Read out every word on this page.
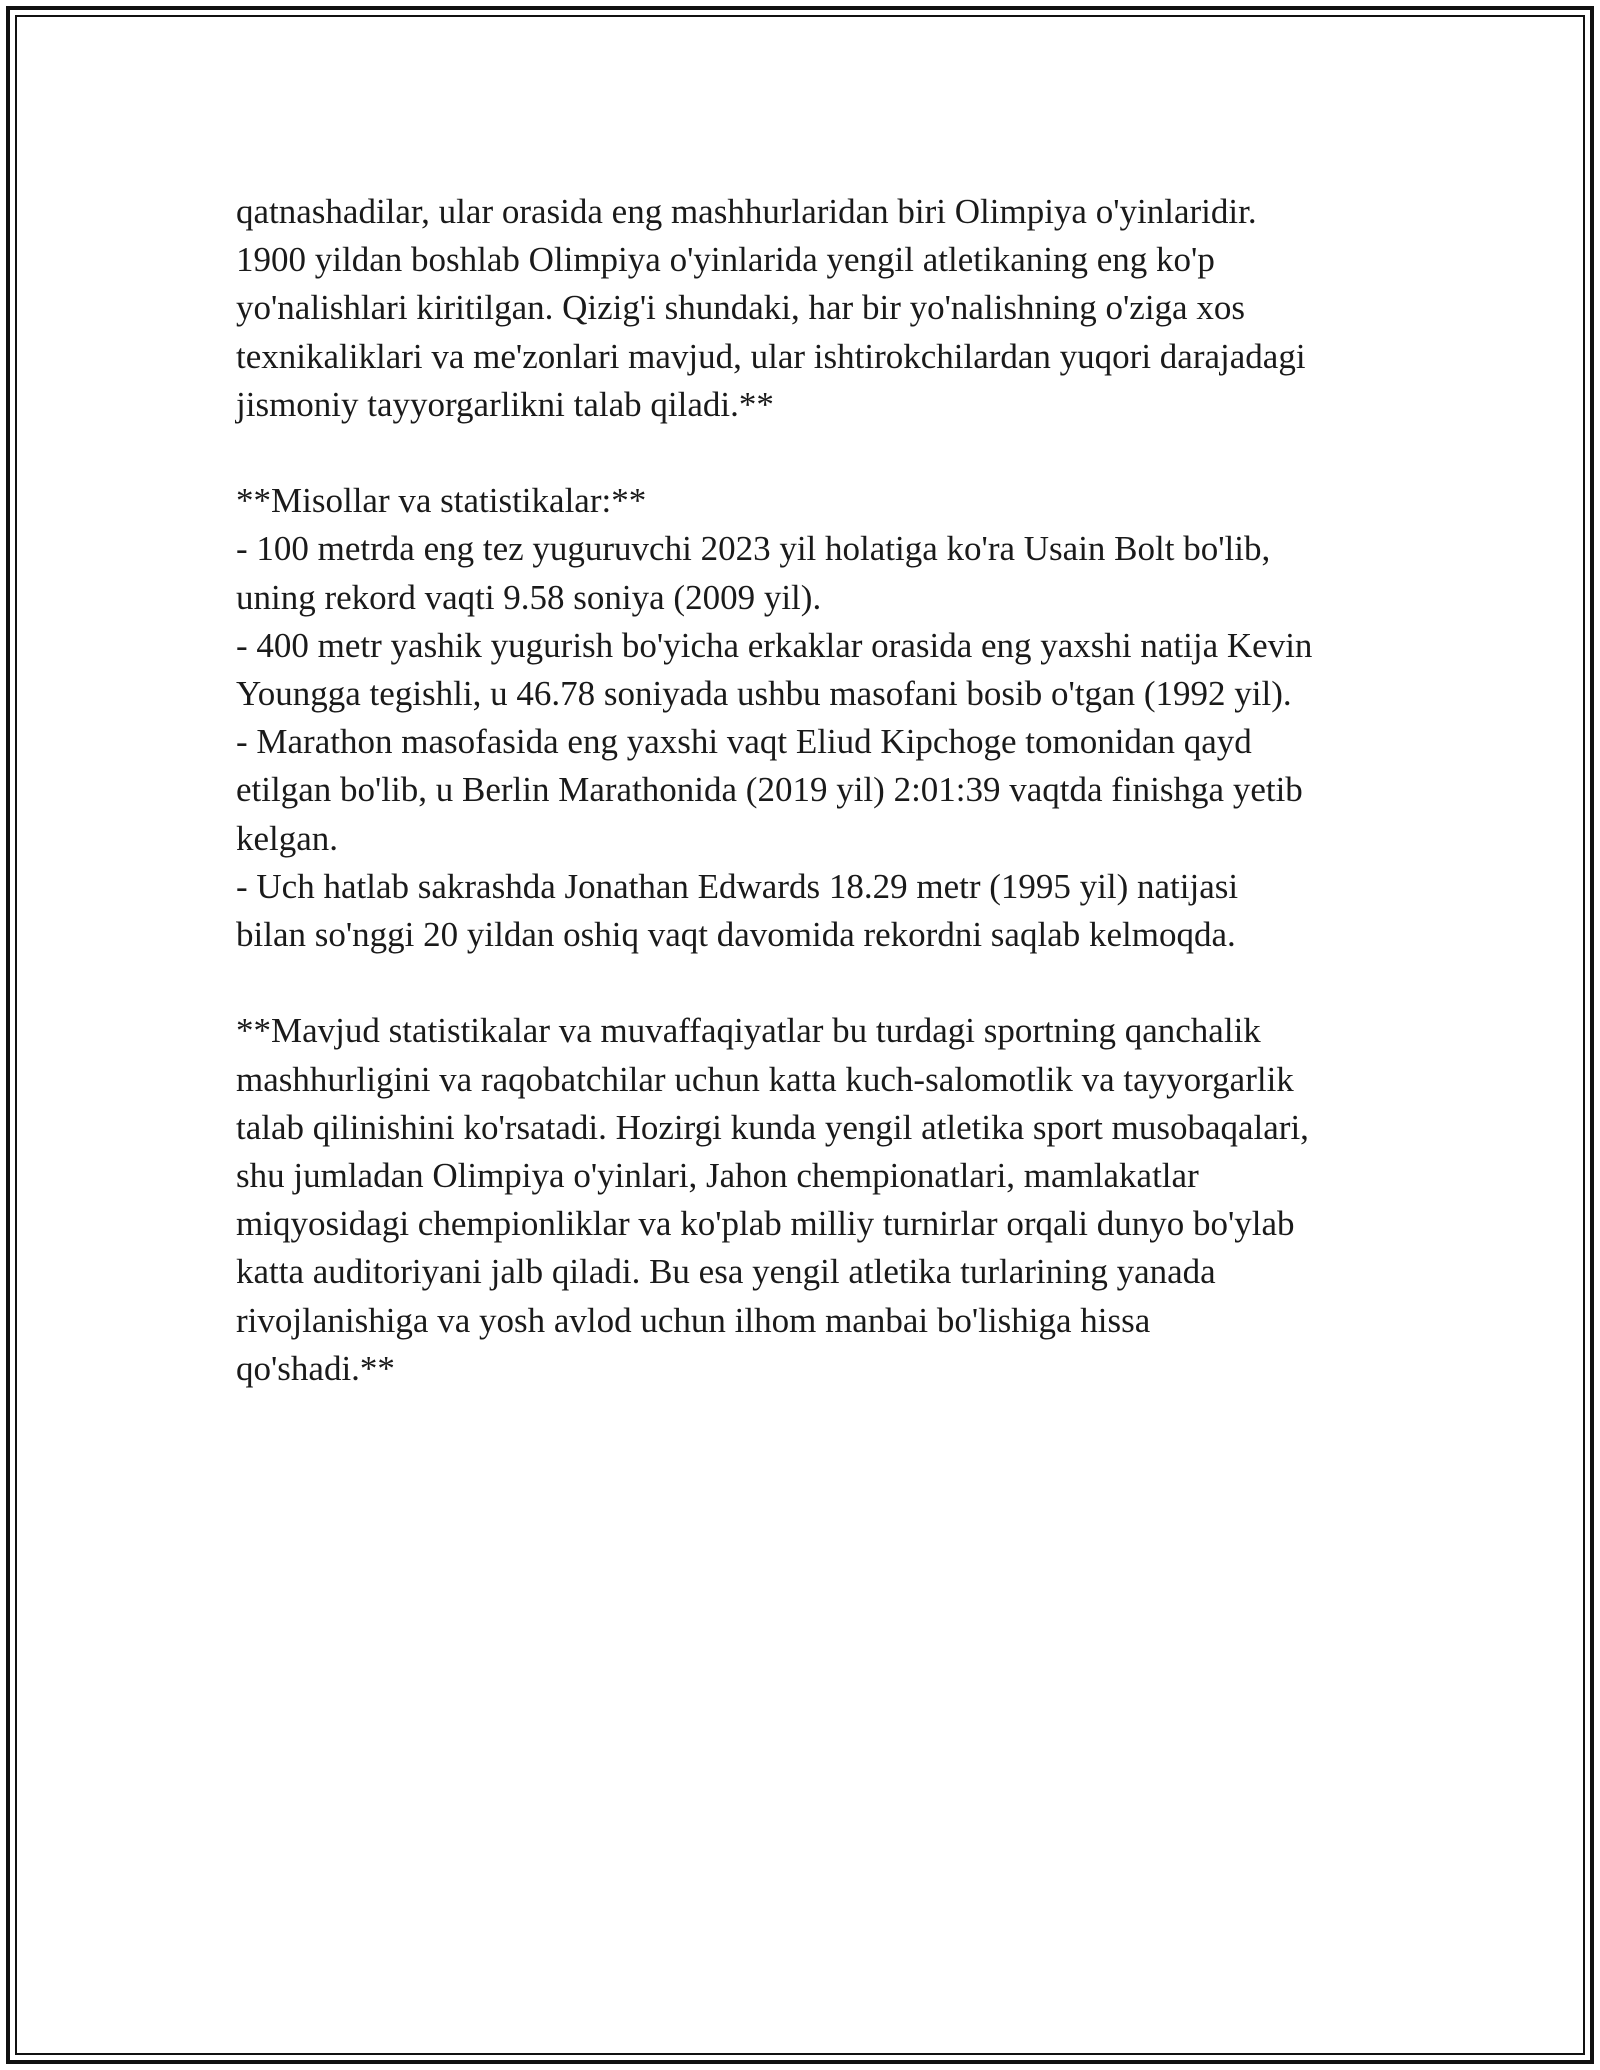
qatnashadilar, ular orasida eng mashhurlaridan biri Olimpiya o'yinlaridir.

1900 yildan boshlab Olimpiya o'yinlarida yengil atletikaning eng ko'p

yo'nalishlari kiritilgan. Qizig'i shundaki, har bir yo'nalishning o'ziga xos

texnikaliklari va me'zonlari mavjud, ular ishtirokchilardan yuqori darajadagi

jismoniy tayyorgarlikni talab qiladi.**

**Misollar va statistikalar:**

- 100 metrda eng tez yuguruvchi 2023 yil holatiga ko'ra Usain Bolt bo'lib,

uning rekord vaqti 9.58 soniya (2009 yil).

- 400 metr yashik yugurish bo'yicha erkaklar orasida eng yaxshi natija Kevin

Youngga tegishli, u 46.78 soniyada ushbu masofani bosib o'tgan (1992 yil).

- Marathon masofasida eng yaxshi vaqt Eliud Kipchoge tomonidan qayd

etilgan bo'lib, u Berlin Marathonida (2019 yil) 2:01:39 vaqtda finishga yetib

kelgan.

- Uch hatlab sakrashda Jonathan Edwards 18.29 metr (1995 yil) natijasi

bilan so'nggi 20 yildan oshiq vaqt davomida rekordni saqlab kelmoqda.

**Mavjud statistikalar va muvaffaqiyatlar bu turdagi sportning qanchalik

mashhurligini va raqobatchilar uchun katta kuch-salomotlik va tayyorgarlik

talab qilinishini ko'rsatadi. Hozirgi kunda yengil atletika sport musobaqalari,

shu jumladan Olimpiya o'yinlari, Jahon chempionatlari, mamlakatlar

miqyosidagi chempionliklar va ko'plab milliy turnirlar orqali dunyo bo'ylab

katta auditoriyani jalb qiladi. Bu esa yengil atletika turlarining yanada

rivojlanishiga va yosh avlod uchun ilhom manbai bo'lishiga hissa

qo'shadi.**
